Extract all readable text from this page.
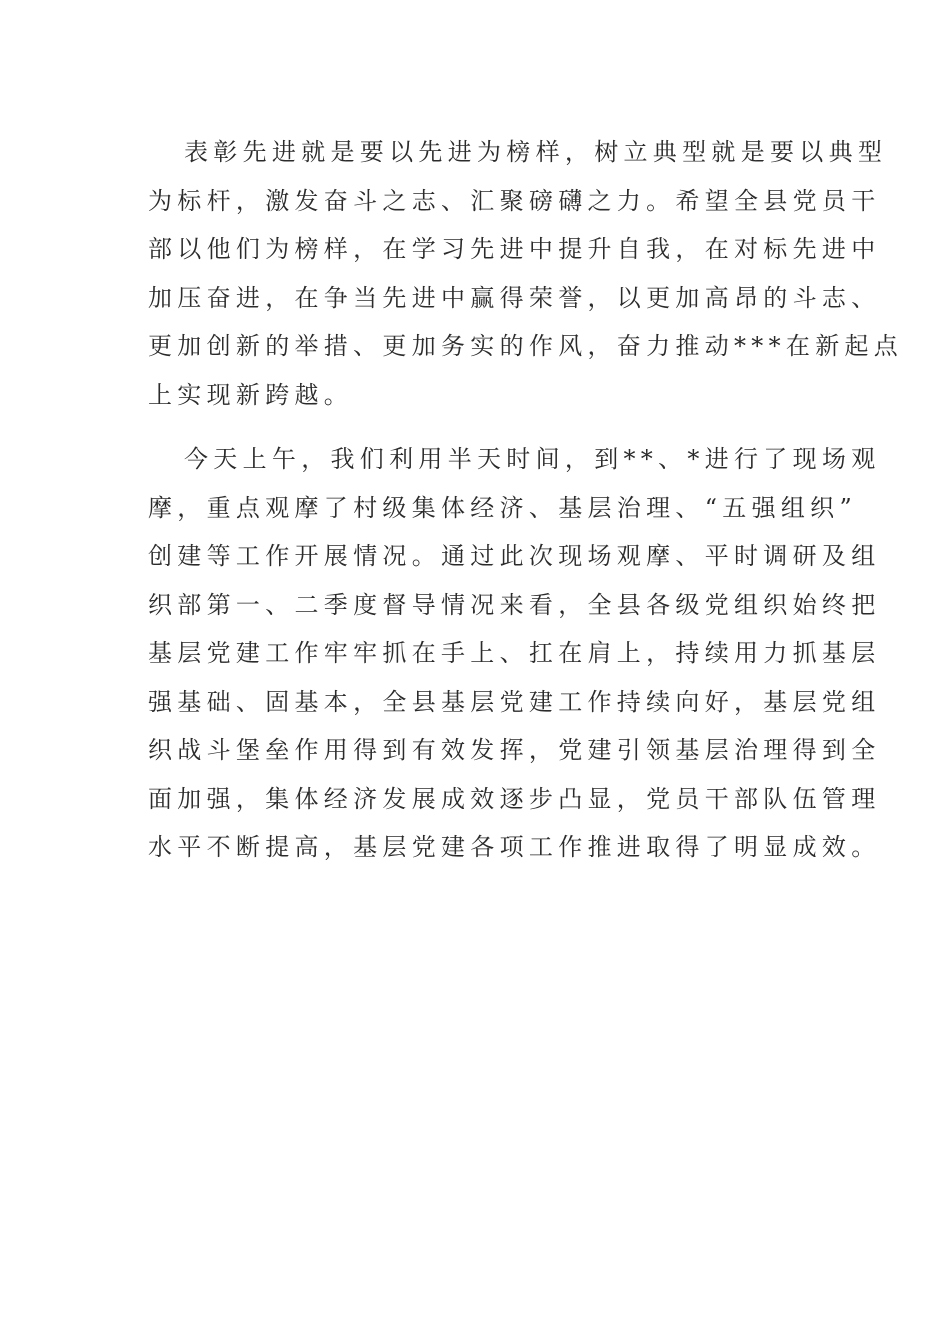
表彰先进就是要以先进为榜样，树立典型就是要以典型
为标杆，激发奋斗之志、汇聚磅礴之力。希望全县党员干
部以他们为榜样，在学习先进中提升自我，在对标先进中
加压奋进，在争当先进中赢得荣誉，以更加高昂的斗志、
更加创新的举措、更加务实的作风，奋力推动***在新起点
上实现新跨越。

今天上午，我们利用半天时间，到**、*进行了现场观
摩，重点观摩了村级集体经济、基层治理、“五强组织”
创建等工作开展情况。通过此次现场观摩、平时调研及组
织部第一、二季度督导情况来看，全县各级党组织始终把
基层党建工作牢牢抓在手上、扛在肩上，持续用力抓基层
强基础、固基本，全县基层党建工作持续向好，基层党组
织战斗堡垒作用得到有效发挥，党建引领基层治理得到全
面加强，集体经济发展成效逐步凸显，党员干部队伍管理
水平不断提高，基层党建各项工作推进取得了明显成效。
